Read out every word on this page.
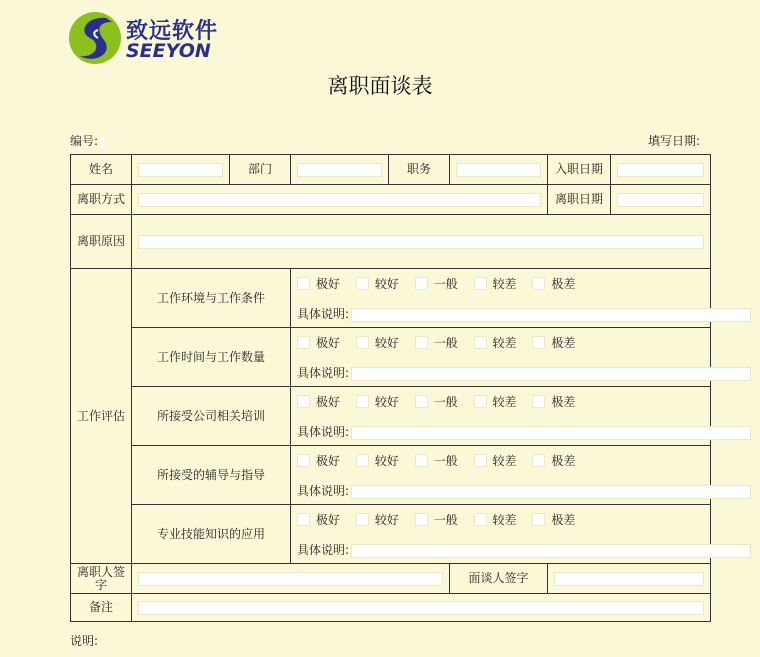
致远软件
SEEYON
离职面谈表
编号:	填写日期:
姓名		部门		职务		入职日期	

离职方式						离职日期	

离职原因							

工作评估	工作环境与工作条件		极好 较好 一般 较差 极差
具体说明:				

	工作时间与工作数量		极好 较好 一般 较差 极差
具体说明:				

	所接受公司相关培训		极好 较好 一般 较差 极差
具体说明:				

	所接受的辅导与指导		极好 较好 一般 较差 极差
具体说明:				

	专业技能知识的应用		极好 较好 一般 较差 极差
具体说明:				

离职人签字					面谈人签字		

备注							
说明:
